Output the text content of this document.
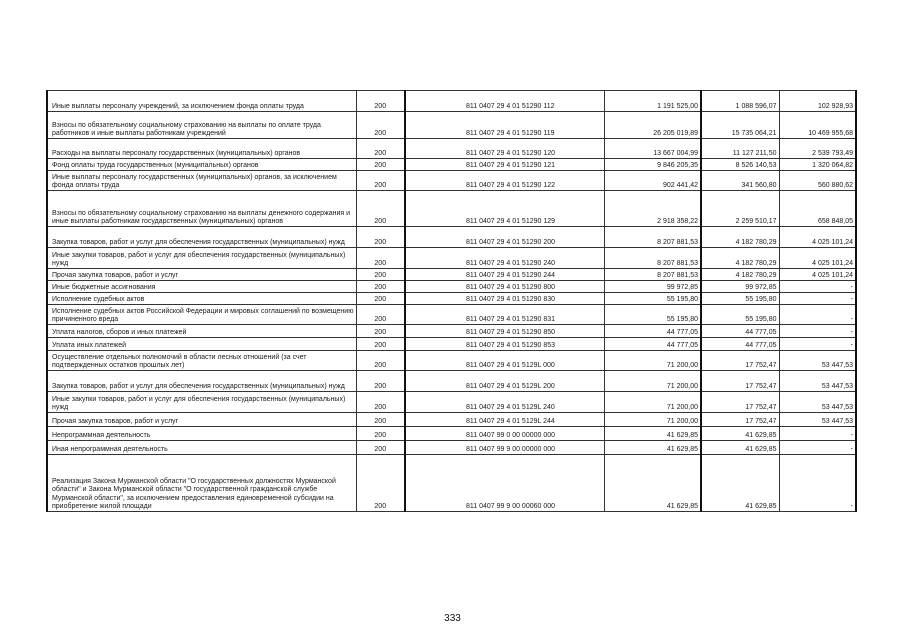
Иные выплаты персоналу учреждений, за исключением фонда оплаты труда	200	811 0407 29 4 01 51290 112	1 191 525,00	1 088 596,07	102 928,93
Взносы по обязательному социальному страхованию на выплаты по оплате труда работников и иные выплаты работникам учреждений	200	811 0407 29 4 01 51290 119	26 205 019,89	15 735 064,21	10 469 955,68
Расходы на выплаты персоналу государственных (муниципальных) органов	200	811 0407 29 4 01 51290 120	13 667 004,99	11 127 211,50	2 539 793,49
Фонд оплаты труда государственных (муниципальных) органов	200	811 0407 29 4 01 51290 121	9 846 205,35	8 526 140,53	1 320 064,82
Иные выплаты персоналу государственных (муниципальных) органов, за исключением фонда оплаты труда	200	811 0407 29 4 01 51290 122	902 441,42	341 560,80	560 880,62
Взносы по обязательному социальному страхованию на выплаты денежного содержания и иные выплаты работникам государственных (муниципальных) органов	200	811 0407 29 4 01 51290 129	2 918 358,22	2 259 510,17	658 848,05
Закупка товаров, работ и услуг для обеспечения государственных (муниципальных) нужд	200	811 0407 29 4 01 51290 200	8 207 881,53	4 182 780,29	4 025 101,24
Иные закупки товаров, работ и услуг для обеспечения государственных (муниципальных) нужд	200	811 0407 29 4 01 51290 240	8 207 881,53	4 182 780,29	4 025 101,24
Прочая закупка товаров, работ и услуг	200	811 0407 29 4 01 51290 244	8 207 881,53	4 182 780,29	4 025 101,24
Иные бюджетные ассигнования	200	811 0407 29 4 01 51290 800	99 972,85	99 972,85	-
Исполнение судебных актов	200	811 0407 29 4 01 51290 830	55 195,80	55 195,80	-
Исполнение судебных актов Российской Федерации и мировых соглашений по возмещению причиненного вреда	200	811 0407 29 4 01 51290 831	55 195,80	55 195,80	-
Уплата налогов, сборов и иных платежей	200	811 0407 29 4 01 51290 850	44 777,05	44 777,05	-
Уплата иных платежей	200	811 0407 29 4 01 51290 853	44 777,05	44 777,05	-
Осуществление отдельных полномочий в области лесных отношений (за счет подтвержденных остатков прошлых лет)	200	811 0407 29 4 01 5129L 000	71 200,00	17 752,47	53 447,53
Закупка товаров, работ и услуг для обеспечения государственных (муниципальных) нужд	200	811 0407 29 4 01 5129L 200	71 200,00	17 752,47	53 447,53
Иные закупки товаров, работ и услуг для обеспечения государственных (муниципальных) нужд	200	811 0407 29 4 01 5129L 240	71 200,00	17 752,47	53 447,53
Прочая закупка товаров, работ и услуг	200	811 0407 29 4 01 5129L 244	71 200,00	17 752,47	53 447,53
Непрограммная деятельность	200	811 0407 99 0 00 00000 000	41 629,85	41 629,85	-
Иная непрограммная деятельность	200	811 0407 99 9 00 00000 000	41 629,85	41 629,85	-
Реализация Закона Мурманской области "О государственных должностях Мурманской области" и Закона Мурманской области "О государственной гражданской службе Мурманской области", за исключением предоставления единовременной субсидии на приобретение жилой площади	200	811 0407 99 9 00 00060 000	41 629,85	41 629,85	-
333
